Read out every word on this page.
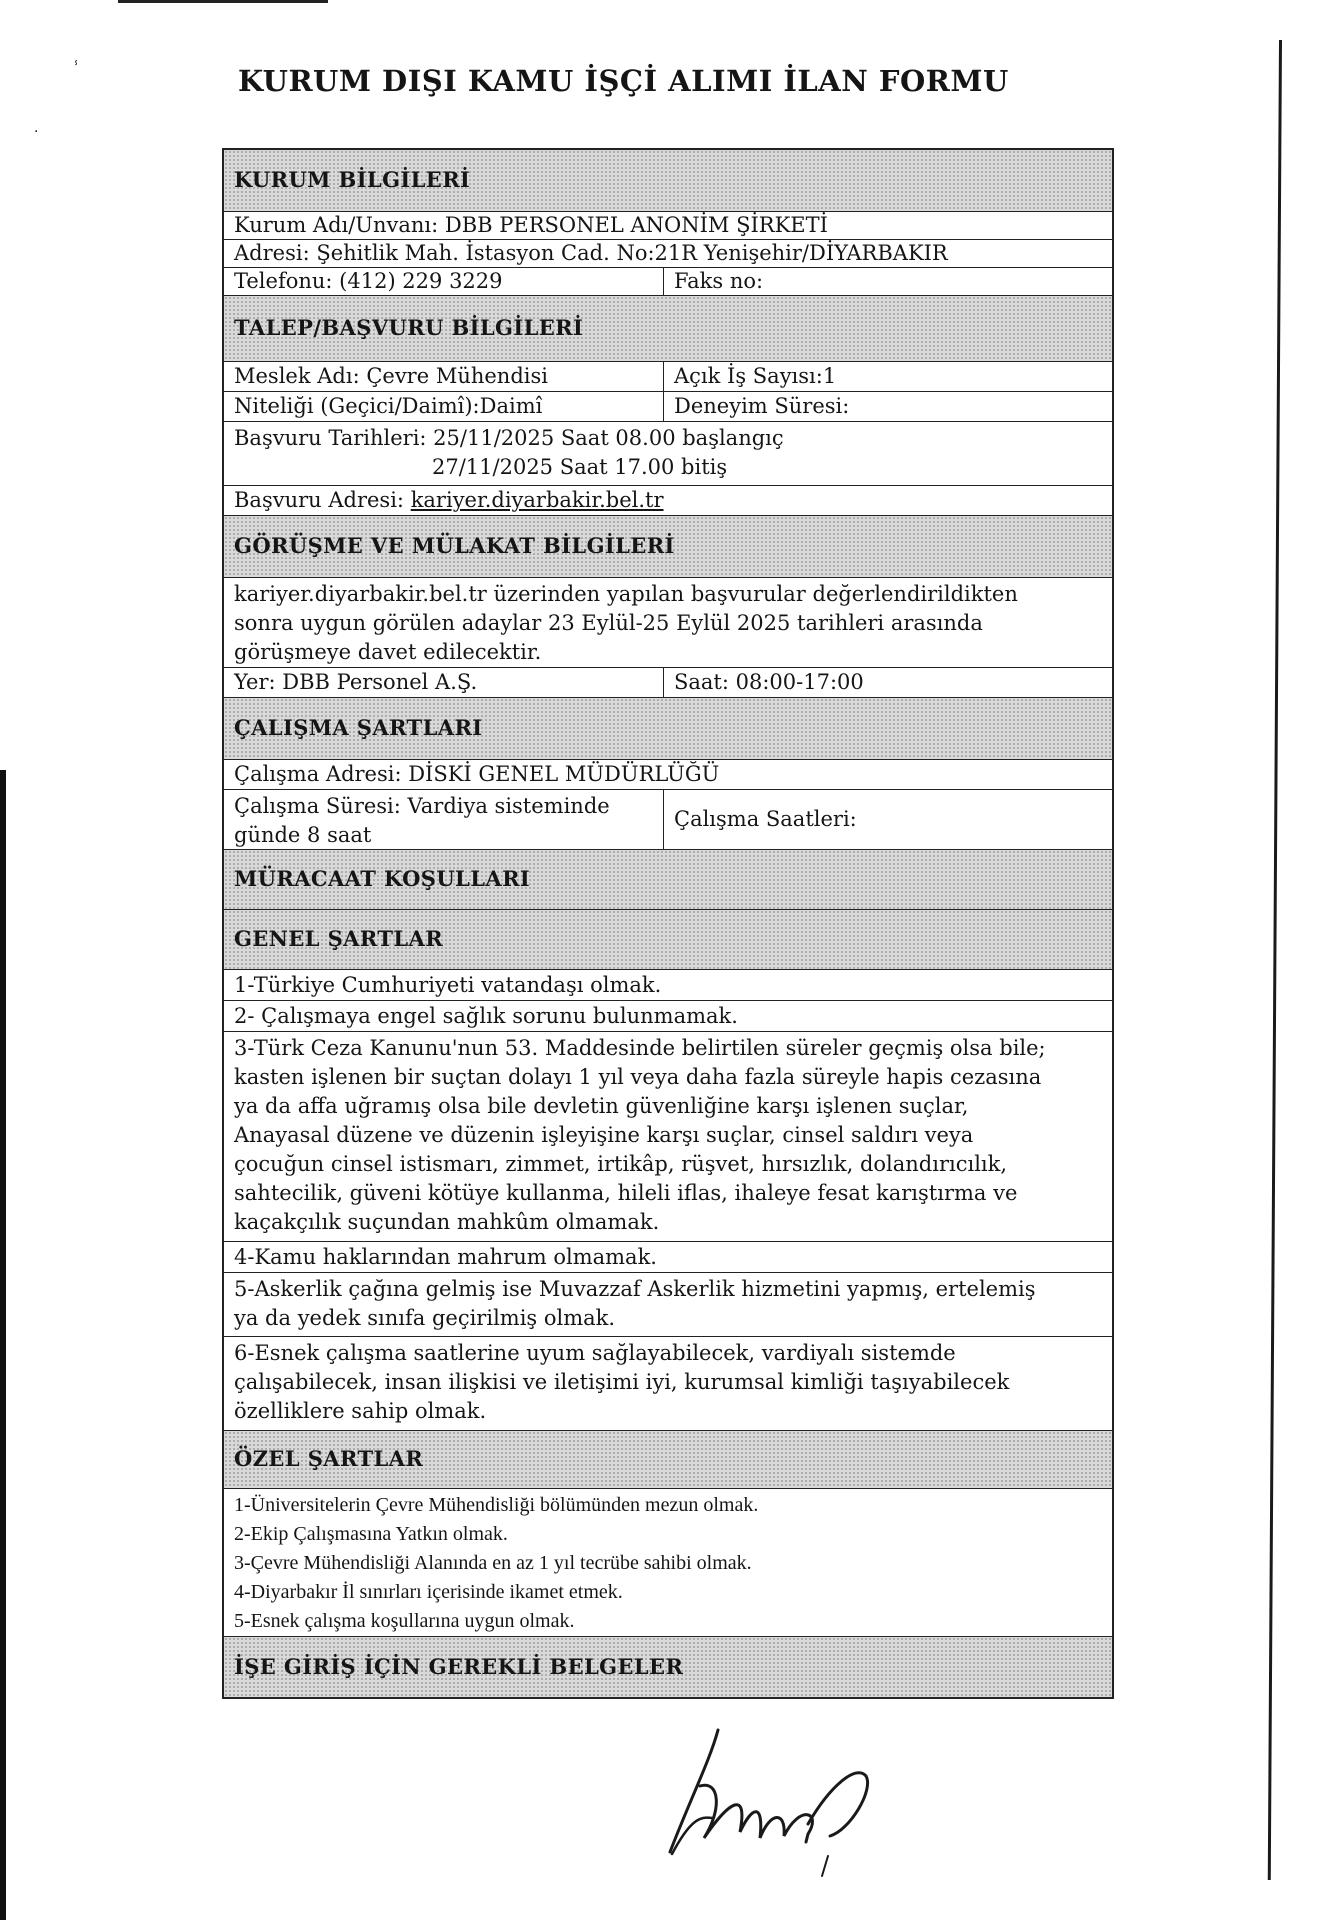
ⸯ
·
KURUM DIŞI KAMU İŞÇİ ALIMI İLAN FORMU
KURUM BİLGİLERİ
Kurum Adı/Unvanı: DBB PERSONEL ANONİM ŞİRKETİ
Adresi: Şehitlik Mah. İstasyon Cad. No:21R Yenişehir/DİYARBAKIR
Telefonu: (412) 229 3229	Faks no:
TALEP/BAŞVURU BİLGİLERİ
Meslek Adı: Çevre Mühendisi	Açık İş Sayısı:1
Niteliği (Geçici/Daimî):Daimî	Deneyim Süresi:
Başvuru Tarihleri: 25/11/2025 Saat 08.00 başlangıç
27/11/2025 Saat 17.00 bitiş
Başvuru Adresi:
kariyer.diyarbakir.bel.tr
GÖRÜŞME VE MÜLAKAT BİLGİLERİ
kariyer.diyarbakir.bel.tr üzerinden yapılan başvurular değerlendirildikten
sonra uygun görülen adaylar 23 Eylül-25 Eylül 2025 tarihleri arasında
görüşmeye davet edilecektir.
Yer: DBB Personel A.Ş.	Saat: 08:00-17:00
ÇALIŞMA ŞARTLARI
Çalışma Adresi: DİSKİ GENEL MÜDÜRLÜĞÜ
Çalışma Süresi: Vardiya sisteminde
günde 8 saat
Çalışma Saatleri:
MÜRACAAT KOŞULLARI
GENEL ŞARTLAR
1-Türkiye Cumhuriyeti vatandaşı olmak.
2- Çalışmaya engel sağlık sorunu bulunmamak.
3-Türk Ceza Kanunu'nun 53. Maddesinde belirtilen süreler geçmiş olsa bile;
kasten işlenen bir suçtan dolayı 1 yıl veya daha fazla süreyle hapis cezasına
ya da affa uğramış olsa bile devletin güvenliğine karşı işlenen suçlar,
Anayasal düzene ve düzenin işleyişine karşı suçlar, cinsel saldırı veya
çocuğun cinsel istismarı, zimmet, irtikâp, rüşvet, hırsızlık, dolandırıcılık,
sahtecilik, güveni kötüye kullanma, hileli iflas, ihaleye fesat karıştırma ve
kaçakçılık suçundan mahkûm olmamak.
4-Kamu haklarından mahrum olmamak.
5-Askerlik çağına gelmiş ise Muvazzaf Askerlik hizmetini yapmış, ertelemiş
ya da yedek sınıfa geçirilmiş olmak.
6-Esnek çalışma saatlerine uyum sağlayabilecek, vardiyalı sistemde
çalışabilecek, insan ilişkisi ve iletişimi iyi, kurumsal kimliği taşıyabilecek
özelliklere sahip olmak.
ÖZEL ŞARTLAR
1-Üniversitelerin Çevre Mühendisliği bölümünden mezun olmak.
2-Ekip Çalışmasına Yatkın olmak.
3-Çevre Mühendisliği Alanında en az 1 yıl tecrübe sahibi olmak.
4-Diyarbakır İl sınırları içerisinde ikamet etmek.
5-Esnek çalışma koşullarına uygun olmak.
İŞE GİRİŞ İÇİN GEREKLİ BELGELER
